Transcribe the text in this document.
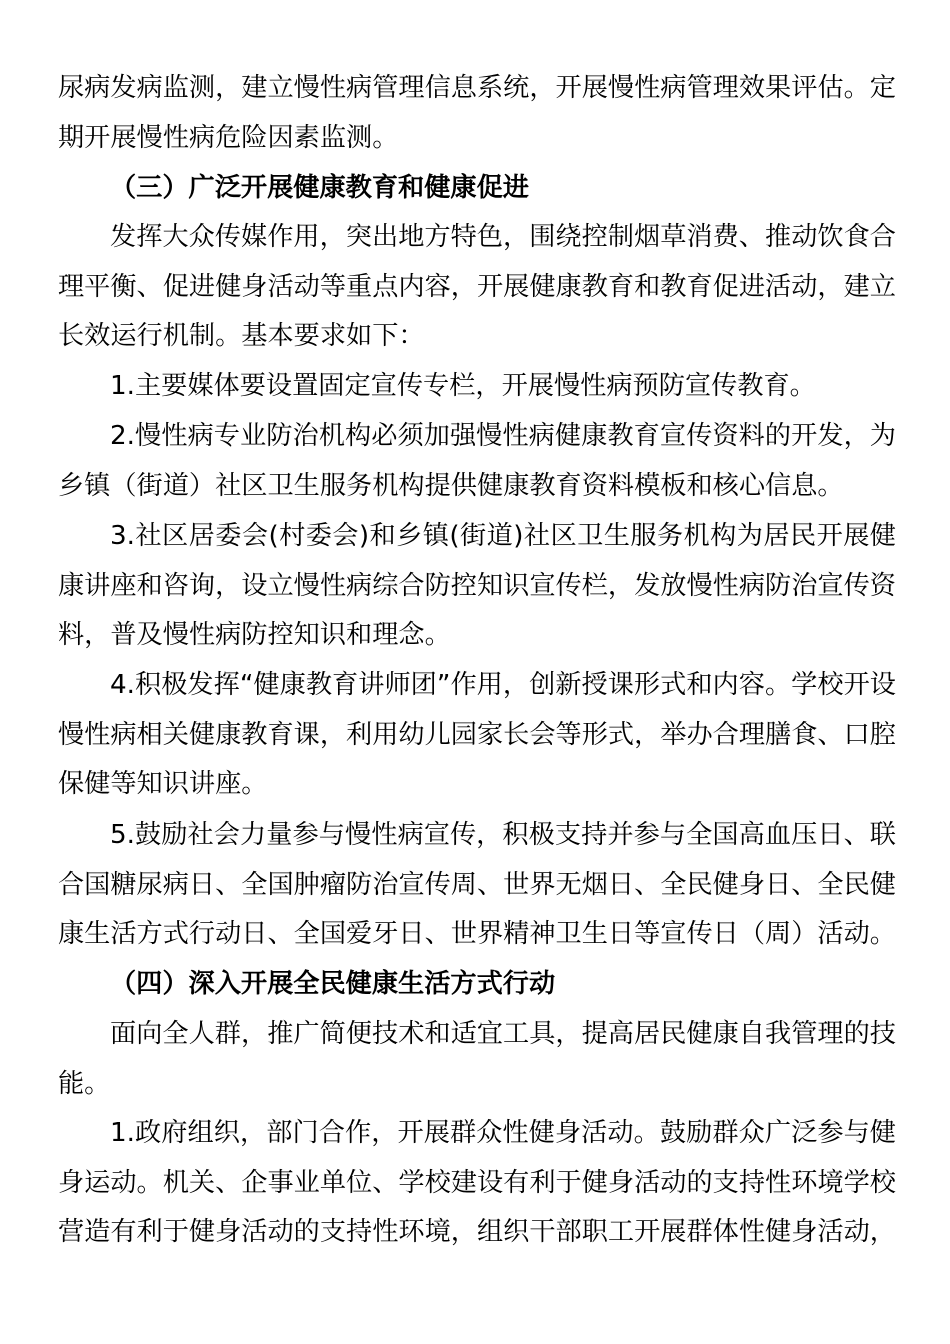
尿病发病监测，建立慢性病管理信息系统，开展慢性病管理效果评估。定期开展慢性病危险因素监测。

（三）广泛开展健康教育和健康促进

发挥大众传媒作用，突出地方特色，围绕控制烟草消费、推动饮食合理平衡、促进健身活动等重点内容，开展健康教育和教育促进活动，建立长效运行机制。基本要求如下：

1.主要媒体要设置固定宣传专栏，开展慢性病预防宣传教育。

2.慢性病专业防治机构必须加强慢性病健康教育宣传资料的开发，为乡镇（街道）社区卫生服务机构提供健康教育资料模板和核心信息。

3.社区居委会(村委会)和乡镇(街道)社区卫生服务机构为居民开展健康讲座和咨询，设立慢性病综合防控知识宣传栏，发放慢性病防治宣传资料，普及慢性病防控知识和理念。

4.积极发挥“健康教育讲师团”作用，创新授课形式和内容。学校开设慢性病相关健康教育课，利用幼儿园家长会等形式，举办合理膳食、口腔保健等知识讲座。

5.鼓励社会力量参与慢性病宣传，积极支持并参与全国高血压日、联合国糖尿病日、全国肿瘤防治宣传周、世界无烟日、全民健身日、全民健康生活方式行动日、全国爱牙日、世界精神卫生日等宣传日（周）活动。

（四）深入开展全民健康生活方式行动

面向全人群，推广简便技术和适宜工具，提高居民健康自我管理的技能。

1.政府组织，部门合作，开展群众性健身活动。鼓励群众广泛参与健身运动。机关、企事业单位、学校建设有利于健身活动的支持性环境学校营造有利于健身活动的支持性环境，组织干部职工开展群体性健身活动，
